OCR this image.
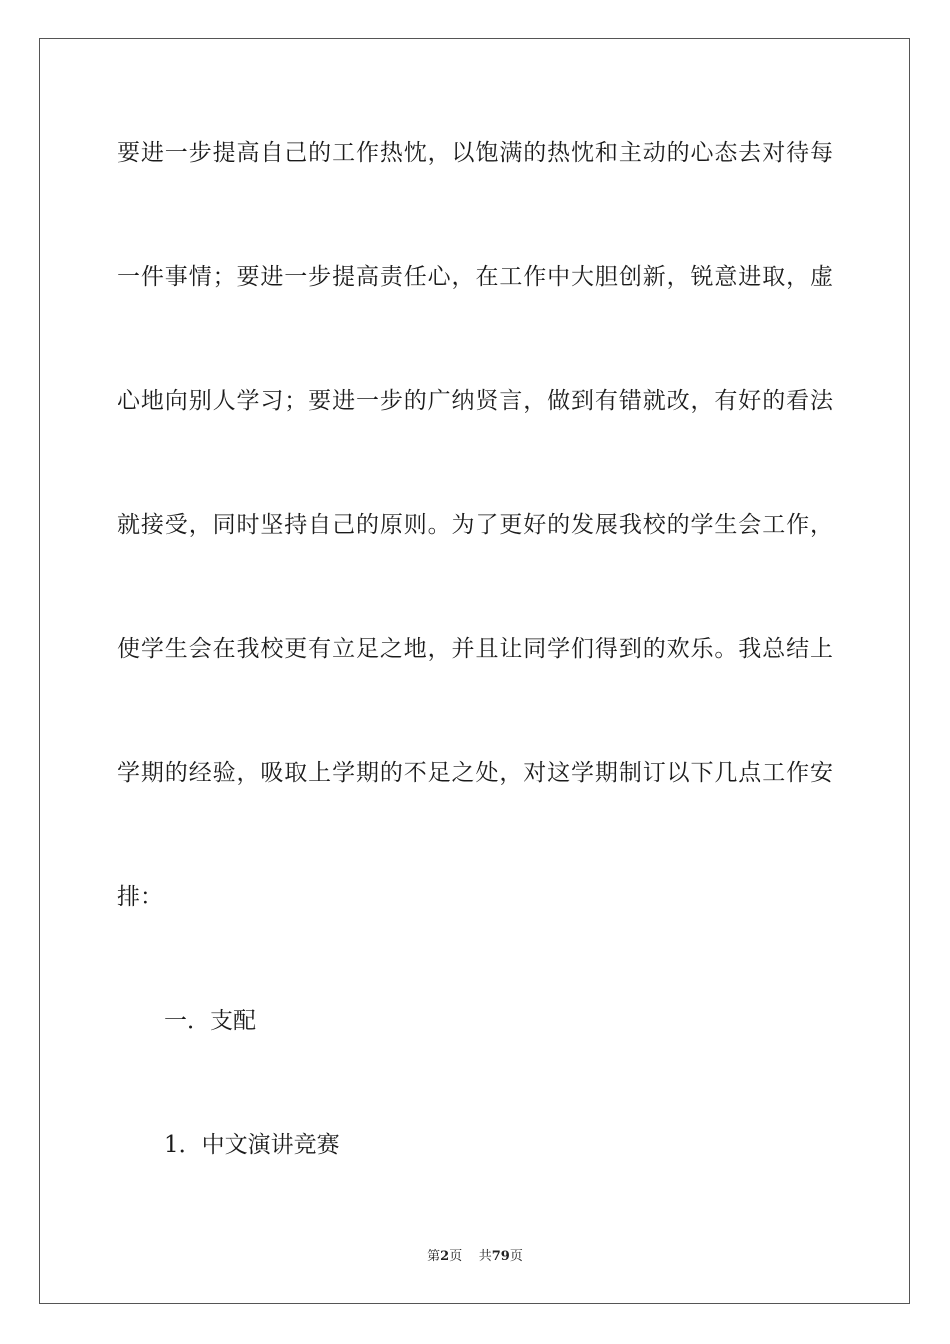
要进一步提高自己的工作热忱，以饱满的热忱和主动的心态去对待每
一件事情；要进一步提高责任心，在工作中大胆创新，锐意进取，虚
心地向别人学习；要进一步的广纳贤言，做到有错就改，有好的看法
就接受，同时坚持自己的原则。为了更好的发展我校的学生会工作，
使学生会在我校更有立足之地，并且让同学们得到的欢乐。我总结上
学期的经验，吸取上学期的不足之处，对这学期制订以下几点工作安
排：
一．支配
1．中文演讲竞赛
第2页 共79页
